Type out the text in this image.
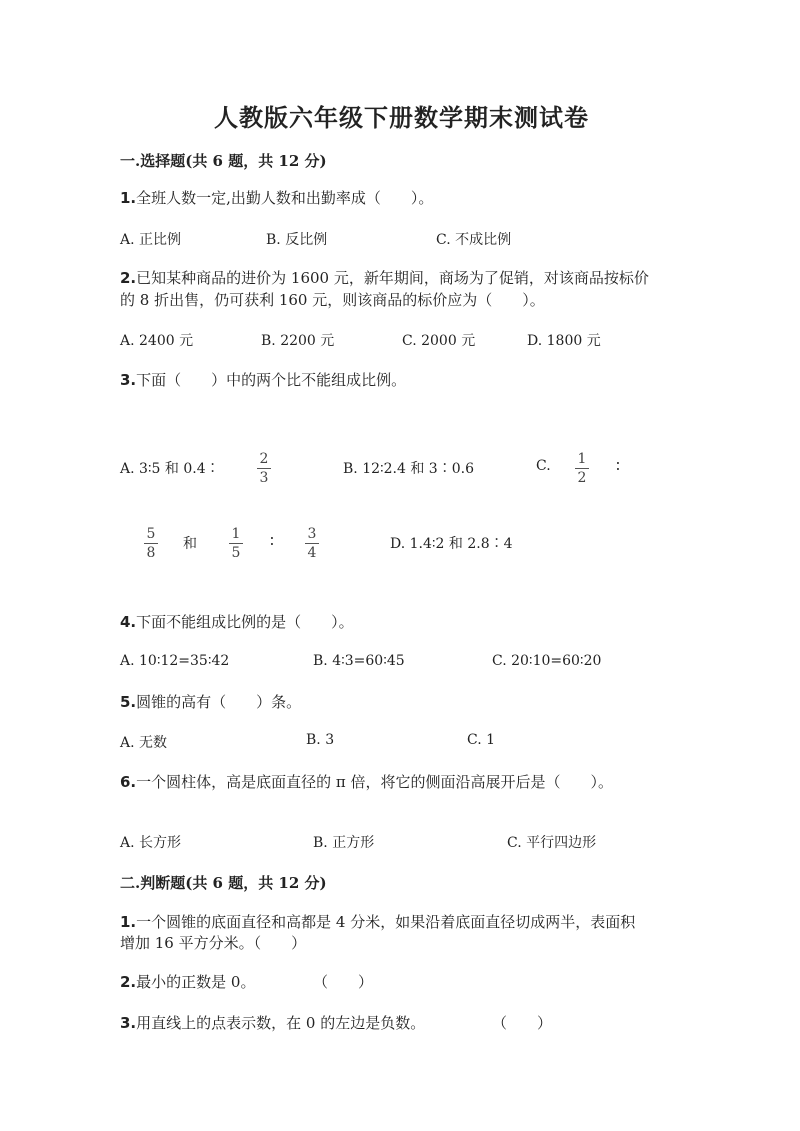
人教版六年级下册数学期末测试卷
一.选择题(共 6 题，共 12 分)
1.全班人数一定,出勤人数和出勤率成（　　）。
A. 正比例	B. 反比例	C. 不成比例
2.已知某种商品的进价为 1600 元，新年期间，商场为了促销，对该商品按标价
的 8 折出售，仍可获利 160 元，则该商品的标价应为（　　）。
A. 2400 元	B. 2200 元	C. 2000 元	D. 1800 元
3.下面（　　）中的两个比不能组成比例。
A. 3∶5 和 0.4∶
2
3
B. 12∶2.4 和 3∶0.6	C. 1
2
∶
5
8
和
1
5
∶ 3
4
D. 1.4∶2 和 2.8∶4
4.下面不能组成比例的是（　　）。
A. 10∶12=35∶42	B. 4∶3=60∶45	C. 20∶10=60∶20
5.圆锥的高有（　　）条。
A. 无数	B. 3	C. 1
6.一个圆柱体，高是底面直径的 π 倍，将它的侧面沿高展开后是（　　）。
A. 长方形	B. 正方形	C. 平行四边形
二.判断题(共 6 题，共 12 分)
1.一个圆锥的底面直径和高都是 4 分米，如果沿着底面直径切成两半，表面积
增加 16 平方分米。（　　）
2.最小的正数是 0。	（　　）
3.用直线上的点表示数，在 0 的左边是负数。	（　　）
